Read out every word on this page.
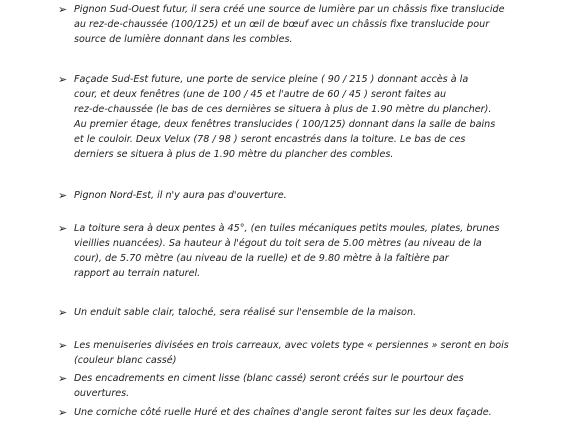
➢ Pignon Sud-Ouest futur, il sera créé une source de lumière par un châssis fixe translucide
au rez-de-chaussée (100/125) et un œil de bœuf avec un châssis fixe translucide pour
source de lumière donnant dans les combles.
➢ Façade Sud-Est future, une porte de service pleine ( 90 / 215 ) donnant accès à la
cour, et deux fenêtres (une de 100 / 45 et l'autre de 60 / 45 ) seront faites au
rez-de-chaussée (le bas de ces dernières se situera à plus de 1.90 mètre du plancher).
Au premier étage, deux fenêtres translucides ( 100/125) donnant dans la salle de bains
et le couloir. Deux Velux (78 / 98 ) seront encastrés dans la toiture. Le bas de ces
derniers se situera à plus de 1.90 mètre du plancher des combles.
➢ Pignon Nord-Est, il n'y aura pas d'ouverture.
➢ La toiture sera à deux pentes à 45°, (en tuiles mécaniques petits moules, plates, brunes
vieillies nuancées). Sa hauteur à l'égout du toit sera de 5.00 mètres (au niveau de la
cour), de 5.70 mètre (au niveau de la ruelle) et de 9.80 mètre à la faîtière par
rapport au terrain naturel.
➢ Un enduit sable clair, taloché, sera réalisé sur l'ensemble de la maison.
➢ Les menuiseries divisées en trois carreaux, avec volets type « persiennes » seront en bois
(couleur blanc cassé)
➢ Des encadrements en ciment lisse (blanc cassé) seront créés sur le pourtour des
ouvertures.
➢ Une corniche côté ruelle Huré et des chaînes d'angle seront faites sur les deux façade.
